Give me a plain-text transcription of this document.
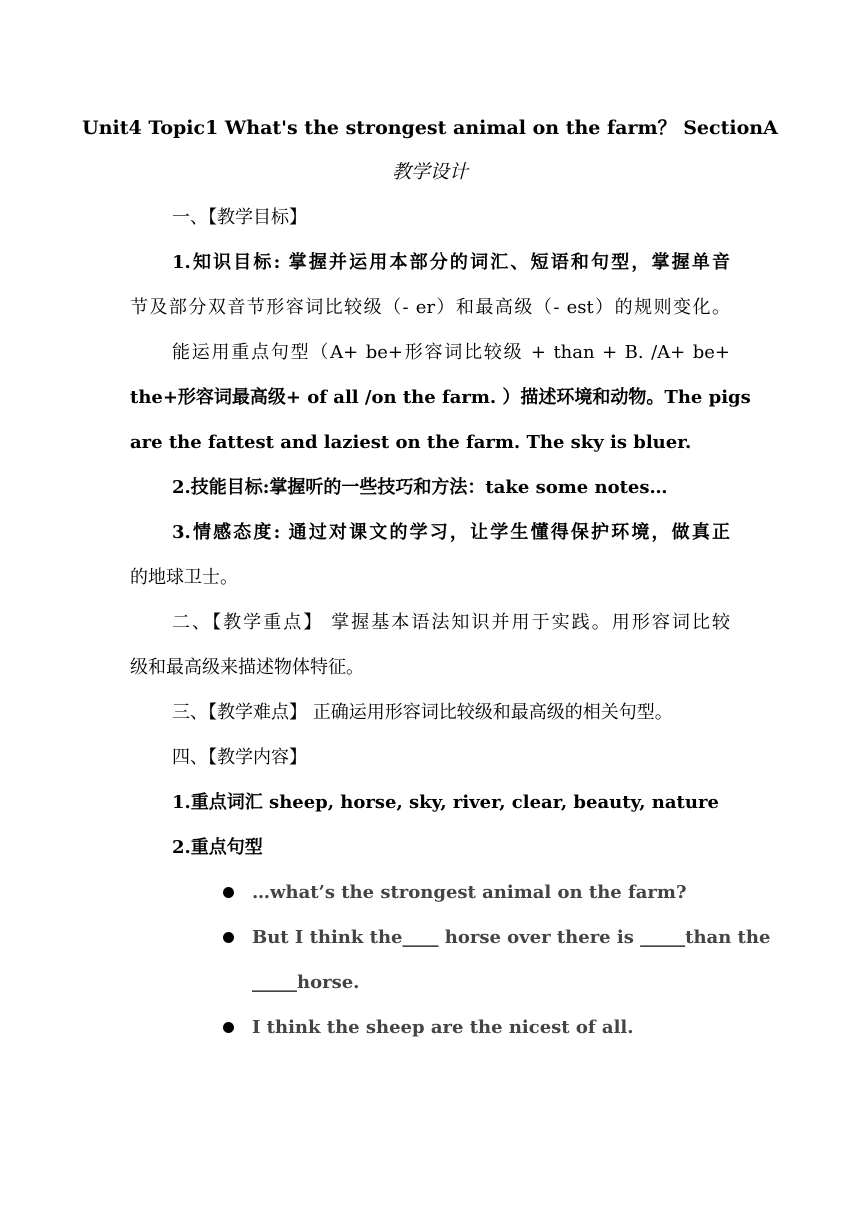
Unit4 Topic1 What's the strongest animal on the farm？ SectionA
教学设计
一、【教学目标】
1.知识目标: 掌握并运用本部分的词汇、短语和句型，掌握单音
节及部分双音节形容词比较级（- er）和最高级（- est）的规则变化。
能运用重点句型（A+ be+形容词比较级 + than + B. /A+ be+
the+形容词最高级+ of all /on the farm. ）描述环境和动物。The pigs
are the fattest and laziest on the farm. The sky is bluer.
2.技能目标:掌握听的一些技巧和方法：take some notes…
3.情感态度: 通过对课文的学习，让学生懂得保护环境，做真正
的地球卫士。
二、【教学重点】 掌握基本语法知识并用于实践。用形容词比较
级和最高级来描述物体特征。
三、【教学难点】 正确运用形容词比较级和最高级的相关句型。
四、【教学内容】
1.重点词汇 sheep, horse, sky, river, clear, beauty, nature
2.重点句型
…what’s the strongest animal on the farm?
But I think the____ horse over there is _____than the
_____horse.
I think the sheep are the nicest of all.
